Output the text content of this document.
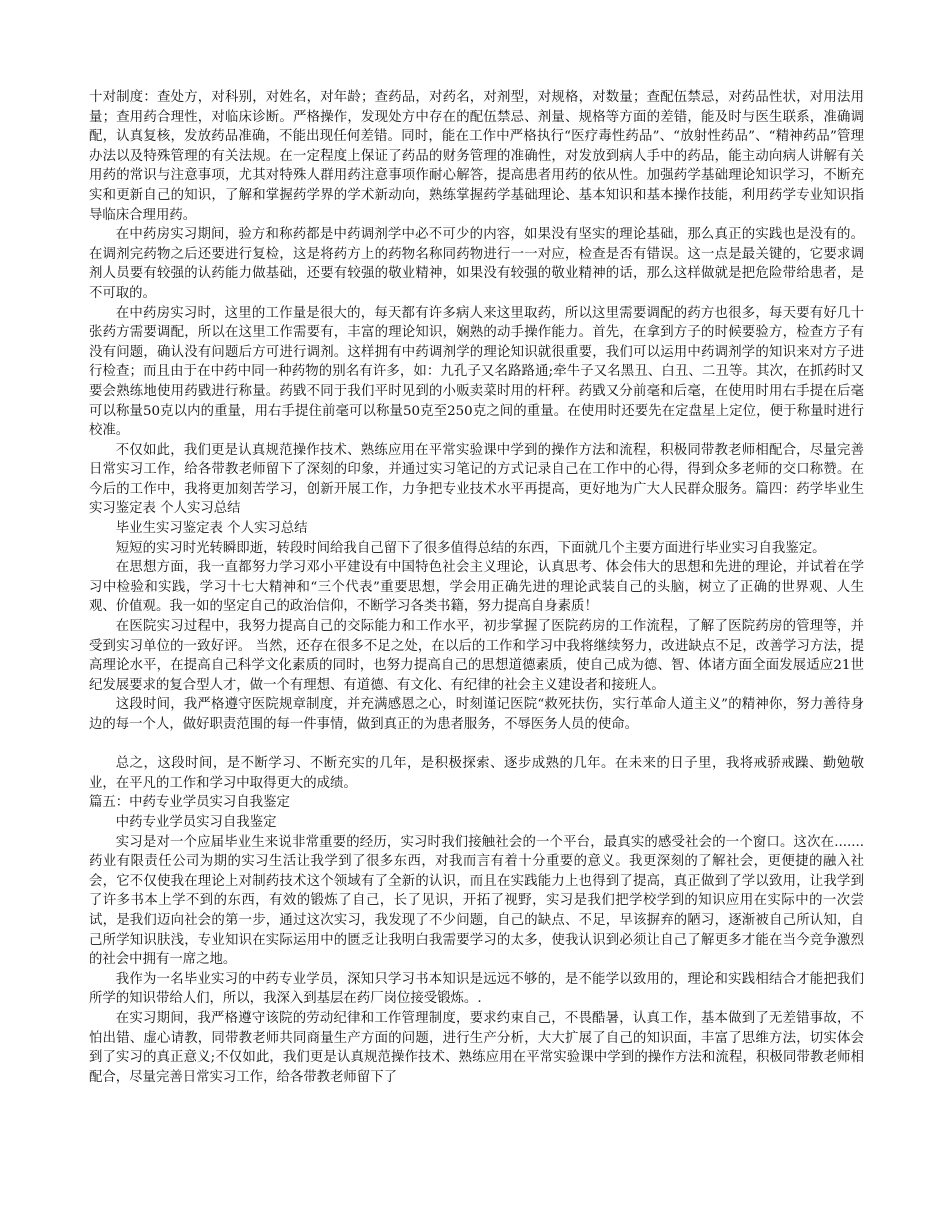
十对制度：查处方，对科别，对姓名，对年龄；查药品，对药名，对剂型，对规格，对数量；查配伍禁忌，对药品性状，对用法用量；查用药合理性，对临床诊断。严格操作，发现处方中存在的配伍禁忌、剂量、规格等方面的差错，能及时与医生联系，准确调配，认真复核，发放药品准确，不能出现任何差错。同时，能在工作中严格执行“医疗毒性药品”、“放射性药品”、“精神药品”管理办法以及特殊管理的有关法规。在一定程度上保证了药品的财务管理的准确性，对发放到病人手中的药品，能主动向病人讲解有关用药的常识与注意事项，尤其对特殊人群用药注意事项作耐心解答，提高患者用药的依从性。加强药学基础理论知识学习，不断充实和更新自己的知识，了解和掌握药学界的学术新动向，熟练掌握药学基础理论、基本知识和基本操作技能，利用药学专业知识指导临床合理用药。

在中药房实习期间，验方和称药都是中药调剂学中必不可少的内容，如果没有坚实的理论基础，那么真正的实践也是没有的。在调剂完药物之后还要进行复检，这是将药方上的药物名称同药物进行一一对应，检查是否有错误。这一点是最关键的，它要求调剂人员要有较强的认药能力做基础，还要有较强的敬业精神，如果没有较强的敬业精神的话，那么这样做就是把危险带给患者，是不可取的。

在中药房实习时，这里的工作量是很大的，每天都有许多病人来这里取药，所以这里需要调配的药方也很多，每天要有好几十张药方需要调配，所以在这里工作需要有，丰富的理论知识，娴熟的动手操作能力。首先，在拿到方子的时候要验方，检查方子有没有问题，确认没有问题后方可进行调剂。这样拥有中药调剂学的理论知识就很重要，我们可以运用中药调剂学的知识来对方子进行检查；而且由于在中药中同一种药物的别名有许多，如：九孔子又名路路通;牵牛子又名黑丑、白丑、二丑等。其次，在抓药时又要会熟练地使用药戥进行称量。药戥不同于我们平时见到的小贩卖菜时用的杆秤。药戥又分前毫和后毫，在使用时用右手提在后毫可以称量50克以内的重量，用右手提住前毫可以称量50克至250克之间的重量。在使用时还要先在定盘星上定位，便于称量时进行校准。

不仅如此，我们更是认真规范操作技术、熟练应用在平常实验课中学到的操作方法和流程，积极同带教老师相配合，尽量完善日常实习工作，给各带教老师留下了深刻的印象，并通过实习笔记的方式记录自己在工作中的心得，得到众多老师的交口称赞。在今后的工作中，我将更加刻苦学习，创新开展工作，力争把专业技术水平再提高，更好地为广大人民群众服务。篇四：药学毕业生实习鉴定表 个人实习总结

毕业生实习鉴定表 个人实习总结

短短的实习时光转瞬即逝，转段时间给我自己留下了很多值得总结的东西，下面就几个主要方面进行毕业实习自我鉴定。

在思想方面，我一直都努力学习邓小平建设有中国特色社会主义理论，认真思考、体会伟大的思想和先进的理论，并试着在学习中检验和实践，学习十七大精神和“三个代表”重要思想，学会用正确先进的理论武装自己的头脑，树立了正确的世界观、人生观、价值观。我一如的坚定自己的政治信仰，不断学习各类书籍，努力提高自身素质！

在医院实习过程中，我努力提高自己的交际能力和工作水平，初步掌握了医院药房的工作流程，了解了医院药房的管理等，并受到实习单位的一致好评。 当然，还存在很多不足之处，在以后的工作和学习中我将继续努力，改进缺点不足，改善学习方法，提高理论水平，在提高自己科学文化素质的同时，也努力提高自己的思想道德素质，使自己成为德、智、体诸方面全面发展适应21世纪发展要求的复合型人才，做一个有理想、有道德、有文化、有纪律的社会主义建设者和接班人。

这段时间，我严格遵守医院规章制度，并充满感恩之心，时刻谨记医院“救死扶伤，实行革命人道主义”的精神你，努力善待身边的每一个人，做好职责范围的每一件事情，做到真正的为患者服务，不辱医务人员的使命。

总之，这段时间，是不断学习、不断充实的几年，是积极探索、逐步成熟的几年。在未来的日子里，我将戒骄戒躁、勤勉敬业，在平凡的工作和学习中取得更大的成绩。

篇五：中药专业学员实习自我鉴定

中药专业学员实习自我鉴定

实习是对一个应届毕业生来说非常重要的经历，实习时我们接触社会的一个平台，最真实的感受社会的一个窗口。这次在.......药业有限责任公司为期的实习生活让我学到了很多东西，对我而言有着十分重要的意义。我更深刻的了解社会，更便捷的融入社会，它不仅使我在理论上对制药技术这个领域有了全新的认识，而且在实践能力上也得到了提高，真正做到了学以致用，让我学到了许多书本上学不到的东西，有效的锻炼了自己，长了见识，开拓了视野，实习是我们把学校学到的知识应用在实际中的一次尝试，是我们迈向社会的第一步，通过这次实习，我发现了不少问题，自己的缺点、不足，早该摒弃的陋习，逐渐被自己所认知，自己所学知识肤浅，专业知识在实际运用中的匮乏让我明白我需要学习的太多，使我认识到必须让自己了解更多才能在当今竞争激烈的社会中拥有一席之地。

我作为一名毕业实习的中药专业学员，深知只学习书本知识是远远不够的，是不能学以致用的，理论和实践相结合才能把我们所学的知识带给人们，所以，我深入到基层在药厂岗位接受锻炼。.

在实习期间，我严格遵守该院的劳动纪律和工作管理制度，要求约束自己，不畏酷暑，认真工作，基本做到了无差错事故，不怕出错、虚心请教，同带教老师共同商量生产方面的问题，进行生产分析，大大扩展了自己的知识面，丰富了思维方法，切实体会到了实习的真正意义;不仅如此，我们更是认真规范操作技术、熟练应用在平常实验课中学到的操作方法和流程，积极同带教老师相配合，尽量完善日常实习工作，给各带教老师留下了
